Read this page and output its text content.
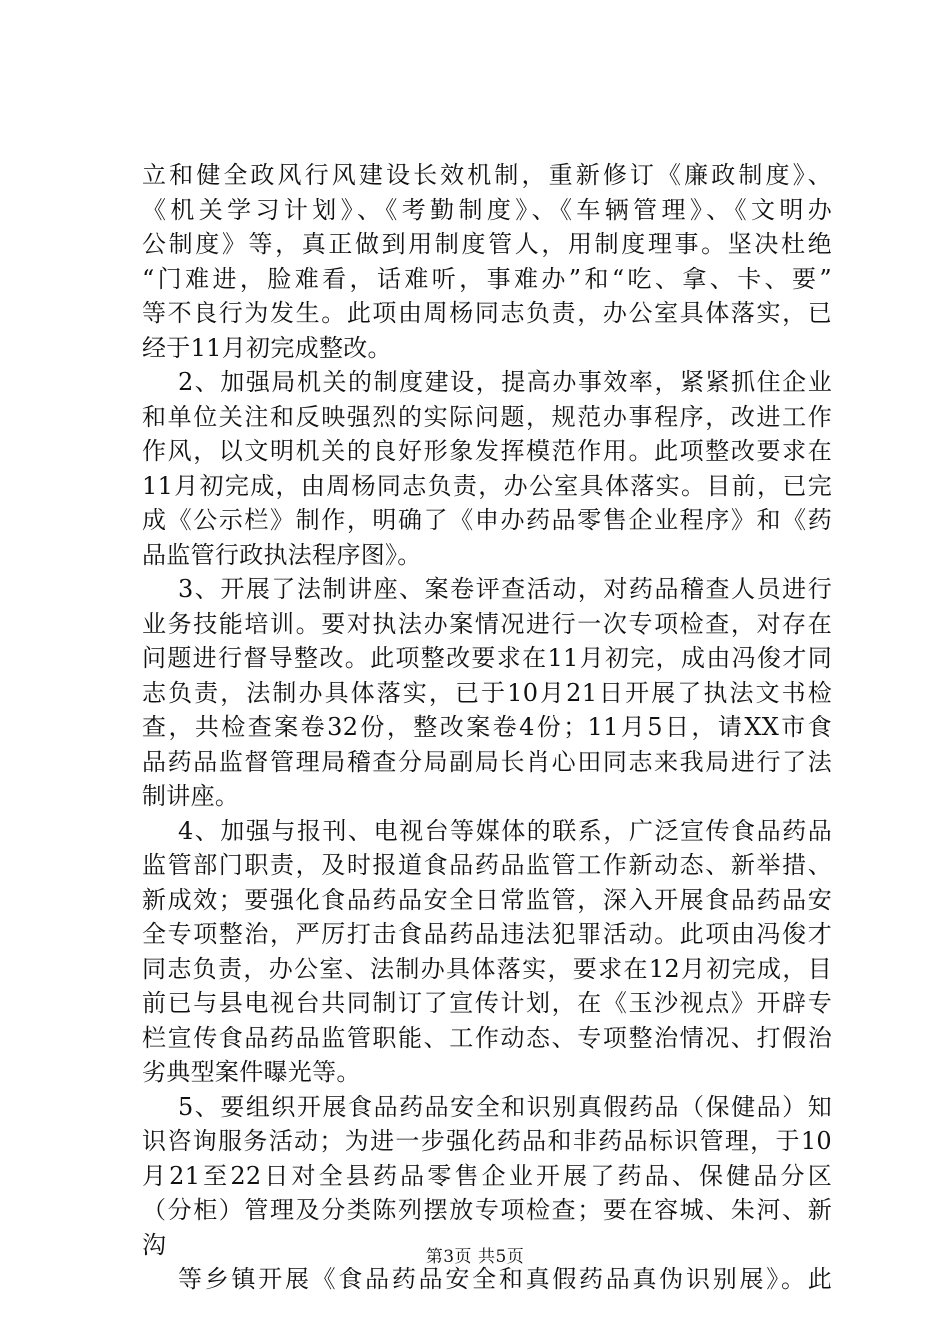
立和健全政风行风建设长效机制，重新修订《廉政制度》、
《机关学习计划》、《考勤制度》、《车辆管理》、《文明办
公制度》等，真正做到用制度管人，用制度理事。坚决杜绝
“门难进，脸难看，话难听，事难办”和“吃、拿、卡、要”
等不良行为发生。此项由周杨同志负责，办公室具体落实，已
经于11月初完成整改。
2、加强局机关的制度建设，提高办事效率，紧紧抓住企业
和单位关注和反映强烈的实际问题，规范办事程序，改进工作
作风，以文明机关的良好形象发挥模范作用。此项整改要求在
11月初完成，由周杨同志负责，办公室具体落实。目前，已完
成《公示栏》制作，明确了《申办药品零售企业程序》和《药
品监管行政执法程序图》。
3、开展了法制讲座、案卷评查活动，对药品稽查人员进行
业务技能培训。要对执法办案情况进行一次专项检查，对存在
问题进行督导整改。此项整改要求在11月初完，成由冯俊才同
志负责，法制办具体落实，已于10月21日开展了执法文书检
查，共检查案卷32份，整改案卷4份；11月5日，请XX市食
品药品监督管理局稽查分局副局长肖心田同志来我局进行了法
制讲座。
4、加强与报刊、电视台等媒体的联系，广泛宣传食品药品
监管部门职责，及时报道食品药品监管工作新动态、新举措、
新成效；要强化食品药品安全日常监管，深入开展食品药品安
全专项整治，严厉打击食品药品违法犯罪活动。此项由冯俊才
同志负责，办公室、法制办具体落实，要求在12月初完成，目
前已与县电视台共同制订了宣传计划，在《玉沙视点》开辟专
栏宣传食品药品监管职能、工作动态、专项整治情况、打假治
劣典型案件曝光等。
5、要组织开展食品药品安全和识别真假药品（保健品）知
识咨询服务活动；为进一步强化药品和非药品标识管理，于10
月21至22日对全县药品零售企业开展了药品、保健品分区
（分柜）管理及分类陈列摆放专项检查；要在容城、朱河、新
沟
等乡镇开展《食品药品安全和真假药品真伪识别展》。此
第3页 共5页
